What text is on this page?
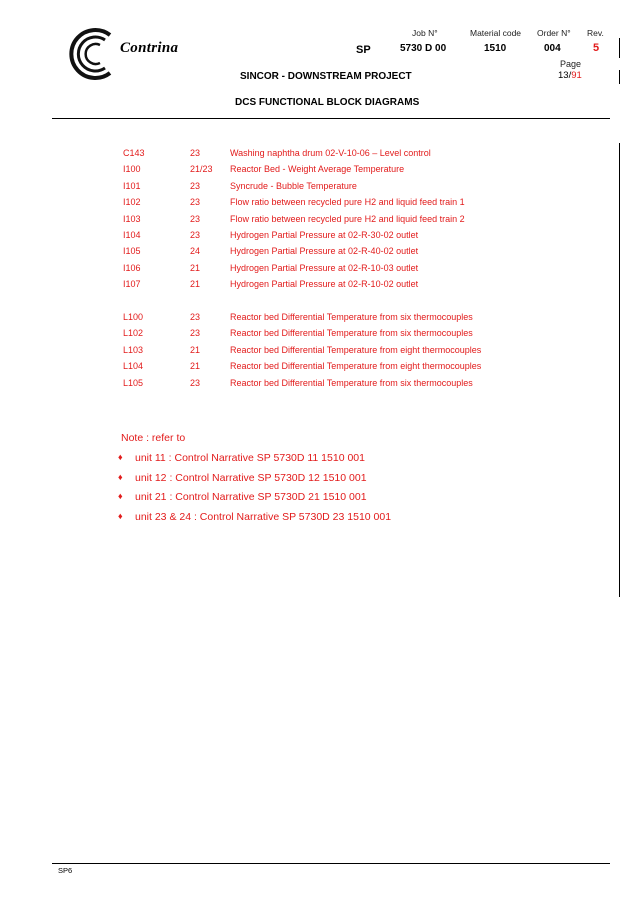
Contrina
Job N°	Material code Order N° Rev.
SP	5730 D 00	1510	004	5
Page
13/91
SINCOR - DOWNSTREAM PROJECT
DCS FUNCTIONAL BLOCK DIAGRAMS
C143	23	Washing naphtha drum 02-V-10-06 – Level control
I100	21/23 Reactor Bed - Weight Average Temperature
I101	23	Syncrude - Bubble Temperature
I102	23	Flow ratio between recycled pure H2 and liquid feed train 1
I103	23	Flow ratio between recycled pure H2 and liquid feed train 2
I104	23	Hydrogen Partial Pressure at 02-R-30-02 outlet
I105	24	Hydrogen Partial Pressure at 02-R-40-02 outlet
I106	21	Hydrogen Partial Pressure at 02-R-10-03 outlet
I107	21	Hydrogen Partial Pressure at 02-R-10-02 outlet
L100	23	Reactor bed Differential Temperature from six thermocouples
L102	23	Reactor bed Differential Temperature from six thermocouples
L103	21	Reactor bed Differential Temperature from eight thermocouples
L104	21	Reactor bed Differential Temperature from eight thermocouples
L105	23	Reactor bed Differential Temperature from six thermocouples
Note : refer to
♦ unit 11 : Control Narrative SP 5730D 11 1510 001
♦ unit 12 : Control Narrative SP 5730D 12 1510 001
♦ unit 21 : Control Narrative SP 5730D 21 1510 001
♦ unit 23 & 24 : Control Narrative SP 5730D 23 1510 001
SP6
